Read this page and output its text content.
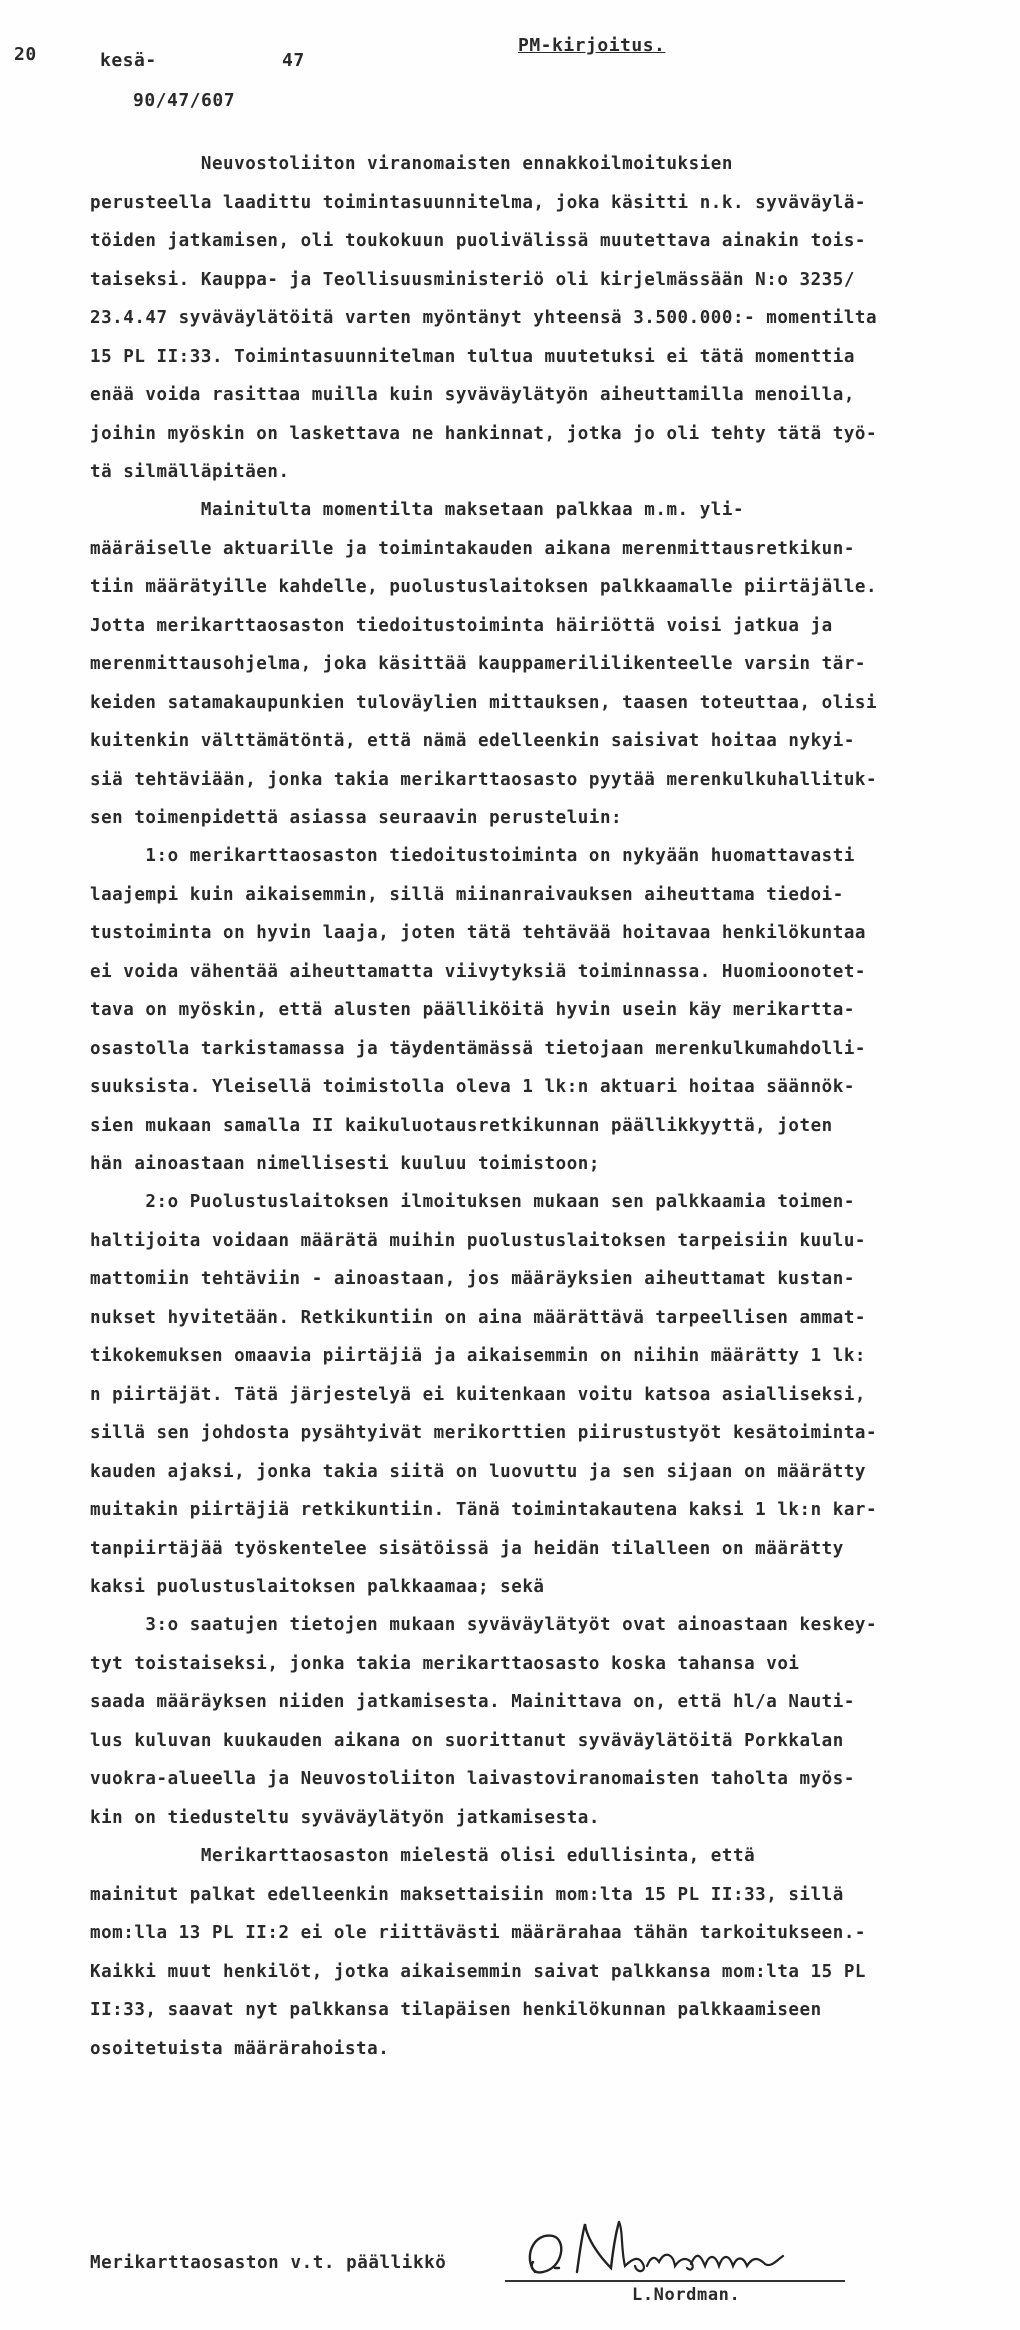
20	kesä-	47
PM-kirjoitus.
90/47/607
Neuvostoliiton viranomaisten ennakkoilmoituksien
perusteella laadittu toimintasuunnitelma, joka käsitti n.k. syväväylä-
töiden jatkamisen, oli toukokuun puolivälissä muutettava ainakin tois-
taiseksi. Kauppa- ja Teollisuusministeriö oli kirjelmässään N:o 3235/
23.4.47 syväväylätöitä varten myöntänyt yhteensä 3.500.000:- momentilta
15 PL II:33. Toimintasuunnitelman tultua muutetuksi ei tätä momenttia
enää voida rasittaa muilla kuin syväväylätyön aiheuttamilla menoilla,
joihin myöskin on laskettava ne hankinnat, jotka jo oli tehty tätä työ-
tä silmälläpitäen.
Mainitulta momentilta maksetaan palkkaa m.m. yli-
määräiselle aktuarille ja toimintakauden aikana merenmittausretkikun-
tiin määrätyille kahdelle, puolustuslaitoksen palkkaamalle piirtäjälle.
Jotta merikarttaosaston tiedoitustoiminta häiriöttä voisi jatkua ja
merenmittausohjelma, joka käsittää kauppamerililikenteelle varsin tär-
keiden satamakaupunkien tuloväylien mittauksen, taasen toteuttaa, olisi
kuitenkin välttämätöntä, että nämä edelleenkin saisivat hoitaa nykyi-
siä tehtäviään, jonka takia merikarttaosasto pyytää merenkulkuhallituk-
sen toimenpidettä asiassa seuraavin perusteluin:
1:o merikarttaosaston tiedoitustoiminta on nykyään huomattavasti
laajempi kuin aikaisemmin, sillä miinanraivauksen aiheuttama tiedoi-
tustoiminta on hyvin laaja, joten tätä tehtävää hoitavaa henkilökuntaa
ei voida vähentää aiheuttamatta viivytyksiä toiminnassa. Huomioonotet-
tava on myöskin, että alusten päälliköitä hyvin usein käy merikartta-
osastolla tarkistamassa ja täydentämässä tietojaan merenkulkumahdolli-
suuksista. Yleisellä toimistolla oleva 1 lk:n aktuari hoitaa säännök-
sien mukaan samalla II kaikuluotausretkikunnan päällikkyyttä, joten
hän ainoastaan nimellisesti kuuluu toimistoon;
2:o Puolustuslaitoksen ilmoituksen mukaan sen palkkaamia toimen-
haltijoita voidaan määrätä muihin puolustuslaitoksen tarpeisiin kuulu-
mattomiin tehtäviin - ainoastaan, jos määräyksien aiheuttamat kustan-
nukset hyvitetään. Retkikuntiin on aina määrättävä tarpeellisen ammat-
tikokemuksen omaavia piirtäjiä ja aikaisemmin on niihin määrätty 1 lk:
n piirtäjät. Tätä järjestelyä ei kuitenkaan voitu katsoa asialliseksi,
sillä sen johdosta pysähtyivät merikorttien piirustustyöt kesätoiminta-
kauden ajaksi, jonka takia siitä on luovuttu ja sen sijaan on määrätty
muitakin piirtäjiä retkikuntiin. Tänä toimintakautena kaksi 1 lk:n kar-
tanpiirtäjää työskentelee sisätöissä ja heidän tilalleen on määrätty
kaksi puolustuslaitoksen palkkaamaa; sekä
3:o saatujen tietojen mukaan syväväylätyöt ovat ainoastaan keskey-
tyt toistaiseksi, jonka takia merikarttaosasto koska tahansa voi
saada määräyksen niiden jatkamisesta. Mainittava on, että hl/a Nauti-
lus kuluvan kuukauden aikana on suorittanut syväväylätöitä Porkkalan
vuokra-alueella ja Neuvostoliiton laivastoviranomaisten taholta myös-
kin on tiedusteltu syväväylätyön jatkamisesta.
Merikarttaosaston mielestä olisi edullisinta, että
mainitut palkat edelleenkin maksettaisiin mom:lta 15 PL II:33, sillä
mom:lla 13 PL II:2 ei ole riittävästi määrärahaa tähän tarkoitukseen.-
Kaikki muut henkilöt, jotka aikaisemmin saivat palkkansa mom:lta 15 PL
II:33, saavat nyt palkkansa tilapäisen henkilökunnan palkkaamiseen
osoitetuista määrärahoista.
Merikarttaosaston v.t. päällikkö
L.Nordman.
